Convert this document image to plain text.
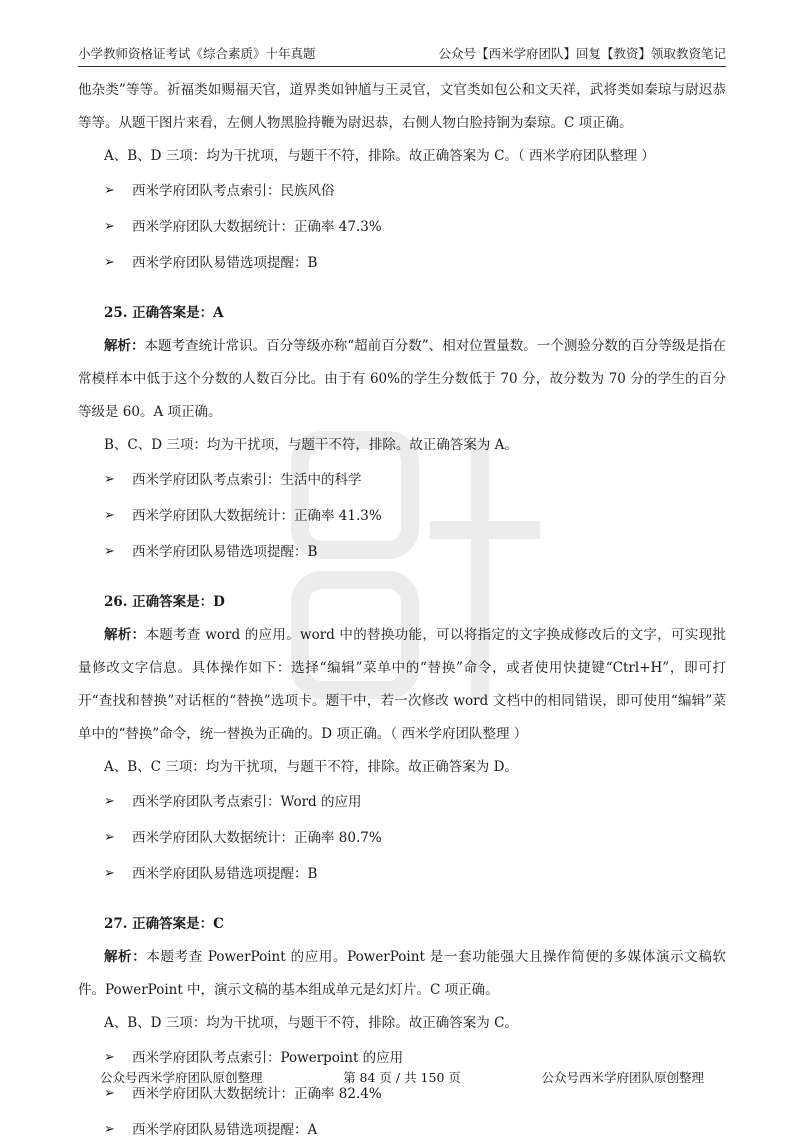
小学教师资格证考试《综合素质》十年真题	公众号【西米学府团队】回复【教资】领取教资笔记
西米

他杂类”等等。祈福类如赐福天官，道界类如钟馗与王灵官，文官类如包公和文天祥，武将类如秦琼与尉迟恭等等。从题干图片来看，左侧人物黑脸持鞭为尉迟恭，右侧人物白脸持锏为秦琼。C 项正确。

A、B、D 三项：均为干扰项，与题干不符，排除。故正确答案为 C。（ 西米学府团队整理 ）

➢	西米学府团队考点索引：民族风俗
➢	西米学府团队大数据统计：正确率 47.3%
➢	西米学府团队易错选项提醒：B
25. 正确答案是：A

解析：本题考查统计常识。百分等级亦称“超前百分数”、相对位置量数。一个测验分数的百分等级是指在常模样本中低于这个分数的人数百分比。由于有 60%的学生分数低于 70 分，故分数为 70 分的学生的百分等级是 60。A 项正确。

B、C、D 三项：均为干扰项，与题干不符，排除。故正确答案为 A。

➢	西米学府团队考点索引：生活中的科学
➢	西米学府团队大数据统计：正确率 41.3%
➢	西米学府团队易错选项提醒：B
26. 正确答案是：D

解析：本题考查 word 的应用。word 中的替换功能，可以将指定的文字换成修改后的文字，可实现批量修改文字信息。具体操作如下：选择“编辑”菜单中的“替换”命令，或者使用快捷键“Ctrl+H”，即可打开“查找和替换”对话框的“替换”选项卡。题干中，若一次修改 word 文档中的相同错误，即可使用“编辑”菜单中的“替换”命令，统一替换为正确的。D 项正确。（ 西米学府团队整理 ）

A、B、C 三项：均为干扰项，与题干不符，排除。故正确答案为 D。

➢	西米学府团队考点索引：Word 的应用
➢	西米学府团队大数据统计：正确率 80.7%
➢	西米学府团队易错选项提醒：B
27. 正确答案是：C

解析：本题考查 PowerPoint 的应用。PowerPoint 是一套功能强大且操作简便的多媒体演示文稿软件。PowerPoint 中，演示文稿的基本组成单元是幻灯片。C 项正确。

A、B、D 三项：均为干扰项，与题干不符，排除。故正确答案为 C。

➢	西米学府团队考点索引：Powerpoint 的应用
➢	西米学府团队大数据统计：正确率 82.4%
➢	西米学府团队易错选项提醒：A
公众号西米学府团队原创整理	第 84 页 / 共 150 页	公众号西米学府团队原创整理
